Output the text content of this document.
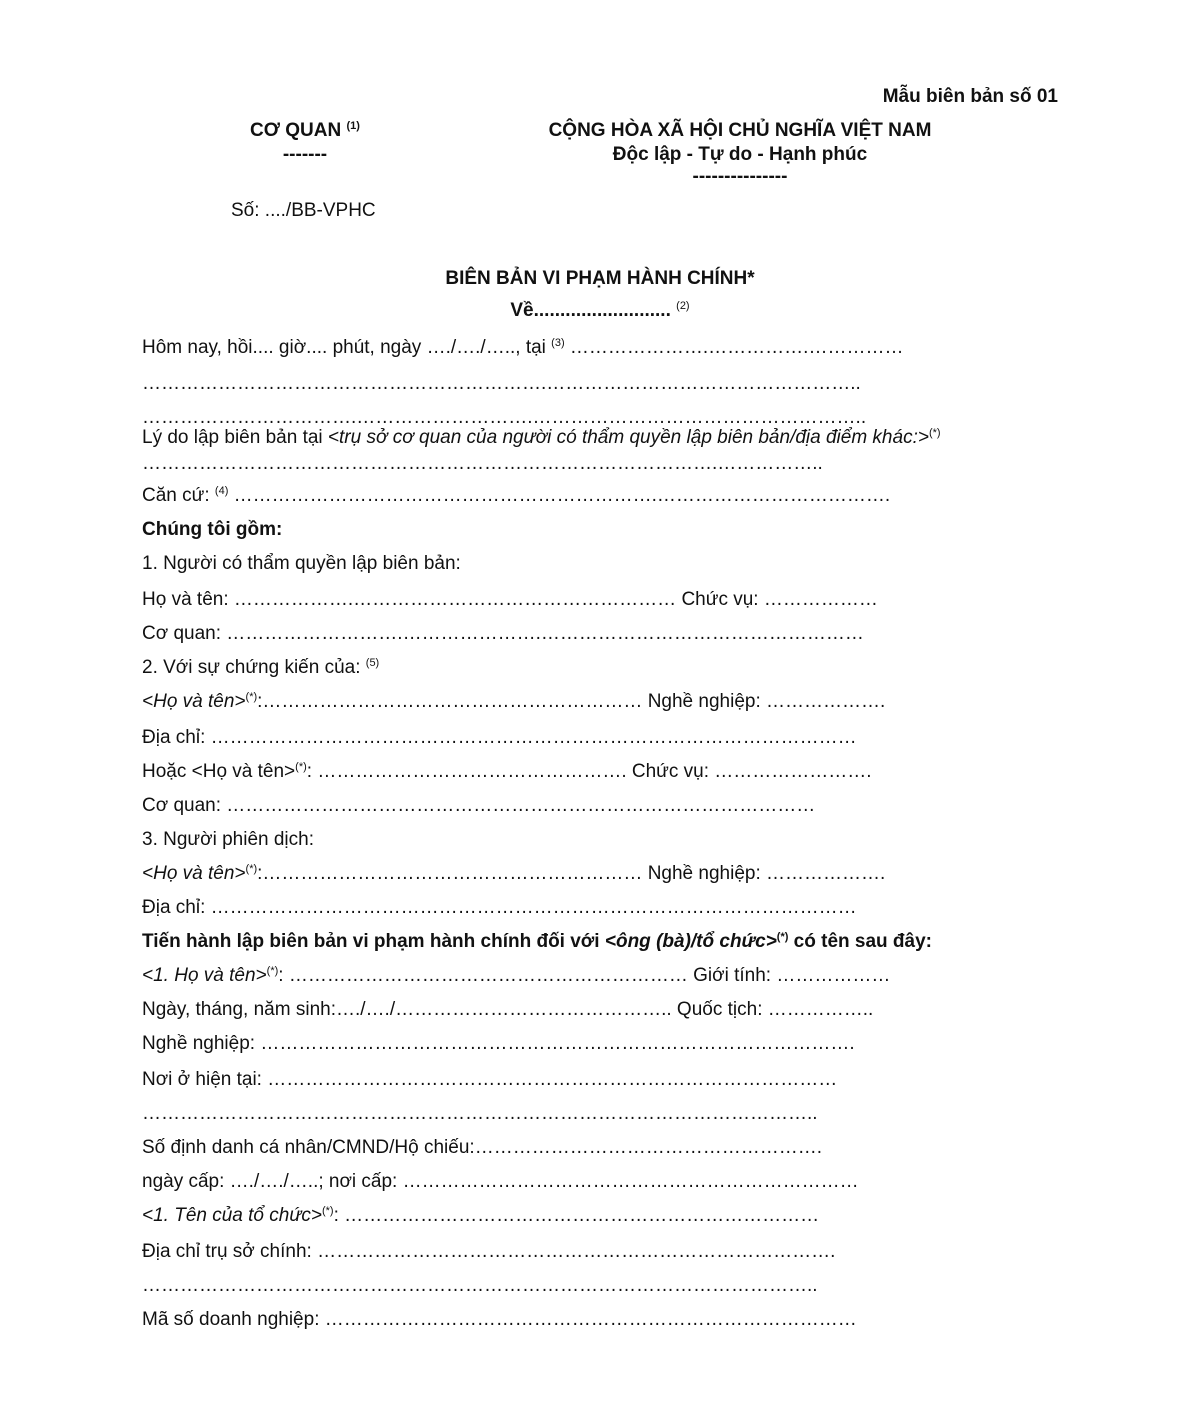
Mẫu biên bản số 01
CƠ QUAN $^{(1)}$
-------
CỘNG HÒA XÃ HỘI CHỦ NGHĨA VIỆT NAM
Độc lập - Tự do - Hạnh phúc
---------------
Số: ..../BB-VPHC
BIÊN BẢN VI PHẠM HÀNH CHÍNH*
Về.......................... $^{(2)}$
Hôm nay, hồi.... giờ.... phút, ngày …./…./….., tại $^{(3)}$ ………………….…………….……………
……………………………………………………….…………………………………………..
…………………………….……………………….……………………………………………..
Lý do lập biên bản tại <trụ sở cơ quan của người có thẩm quyền lập biên bản/địa điểm khác:>(*)
……………………………………………………………………………….……………..
Căn cứ: $^{(4)}$ ………………………………………………………….……………………………….
Chúng tôi gồm:
1. Người có thẩm quyền lập biên bản:
Họ và tên: ……………….…………………………………………… Chức vụ: ………………
Cơ quan: ……………………….………………….……………………………………………
2. Với sự chứng kiến của: $^{(5)}$
<Họ và tên>(*):…………………………………………………… Nghề nghiệp: ……………….
Địa chỉ: …………………………………………………………………………………………
Hoặc <Họ và tên>(*): …………………………………………. Chức vụ: …………………….
Cơ quan: …………………………………………………………………………………
3. Người phiên dịch:
<Họ và tên>(*):…………………………………………………… Nghề nghiệp: ……………….
Địa chỉ: …………………………………………………………………………………………
Tiến hành lập biên bản vi phạm hành chính đối với <ông (bà)/tổ chức>(*) có tên sau đây:
<1. Họ và tên>(*): ……………………………………………………… Giới tính: ………………
Ngày, tháng, năm sinh:…./…./…………………………………….. Quốc tịch: ……………..
Nghề nghiệp: ………………………………………………………………………………….
Nơi ở hiện tại: ………………………………………………………………………………
……………………………………………………………………………………………..
Số định danh cá nhân/CMND/Hộ chiếu:……………………………………………….
ngày cấp: …./…./…..; nơi cấp: ………………………………………………………………
<1. Tên của tổ chức>(*): …………………………………………………………………
Địa chỉ trụ sở chính: ……………………………………………………………………….
……………………………………………………………………………………………..
Mã số doanh nghiệp: …………………………………………………………………………
